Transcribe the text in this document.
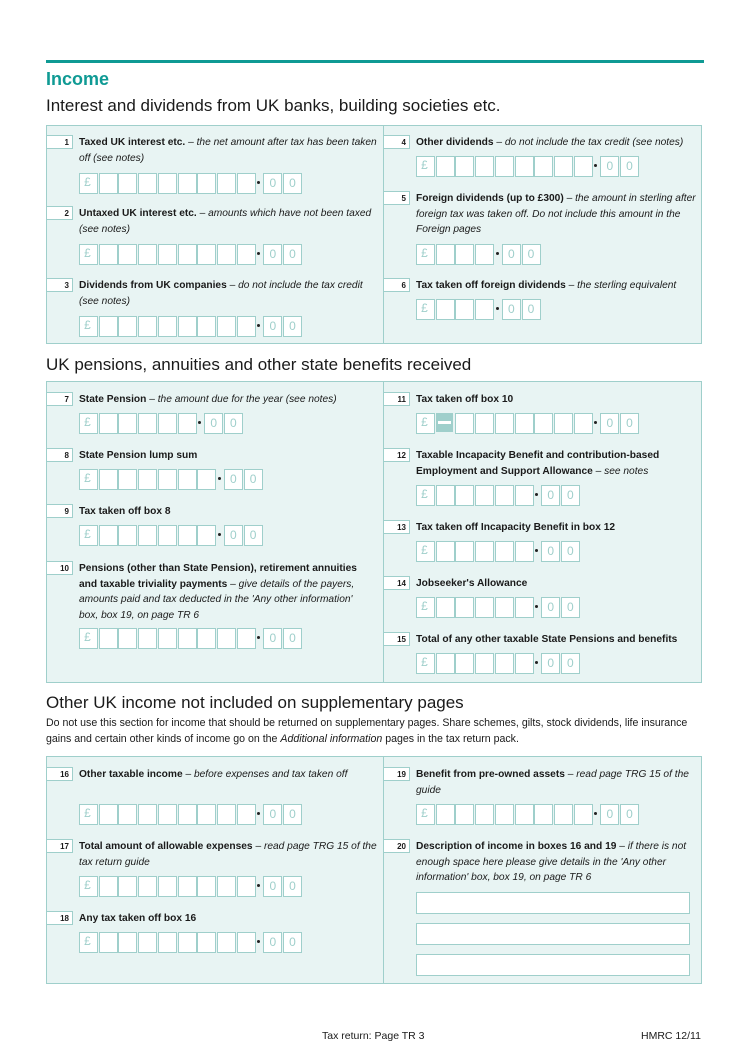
Income
Interest and dividends from UK banks, building societies etc.
UK pensions, annuities and other state benefits received
Other UK income not included on supplementary pages

Do not use this section for income that should be returned on supplementary pages. Share schemes, gilts, stock dividends, life insurance gains and certain other kinds of income go on the Additional information pages in the tax return pack.

1 Taxed UK interest etc. – the net amount after tax has been taken off (see notes)

£	0	0
2 Untaxed UK interest etc. – amounts which have not been taxed (see notes)

£	0	0
3 Dividends from UK companies – do not include the tax credit (see notes)

£	0	0
4 Other dividends – do not include the tax credit (see notes)

£	0	0
5 Foreign dividends (up to £300) – the amount in sterling after foreign tax was taken off. Do not include this amount in the Foreign pages

£	0	0
6 Tax taken off foreign dividends – the sterling equivalent

£	0	0
7 State Pension – the amount due for the year (see notes)

£	0	0
8 State Pension lump sum

£	0	0
9 Tax taken off box 8

£	0	0
10 Pensions (other than State Pension), retirement annuities and taxable triviality payments – give details of the payers, amounts paid and tax deducted in the 'Any other information' box, box 19, on page TR 6

£	0	0
11 Tax taken off box 10

£	0	0
12 Taxable Incapacity Benefit and contribution-based Employment and Support Allowance – see notes

£	0	0
13 Tax taken off Incapacity Benefit in box 12

£	0	0
14 Jobseeker's Allowance

£	0	0
15 Total of any other taxable State Pensions and benefits

£	0	0
16 Other taxable income – before expenses and tax taken off

£	0	0
17 Total amount of allowable expenses – read page TRG 15 of the tax return guide

£	0	0
18 Any tax taken off box 16

£	0	0
19 Benefit from pre-owned assets – read page TRG 15 of the guide

£	0	0
20 Description of income in boxes 16 and 19 – if there is not enough space here please give details in the 'Any other information' box, box 19, on page TR 6

Tax return: Page TR 3	HMRC 12/11
